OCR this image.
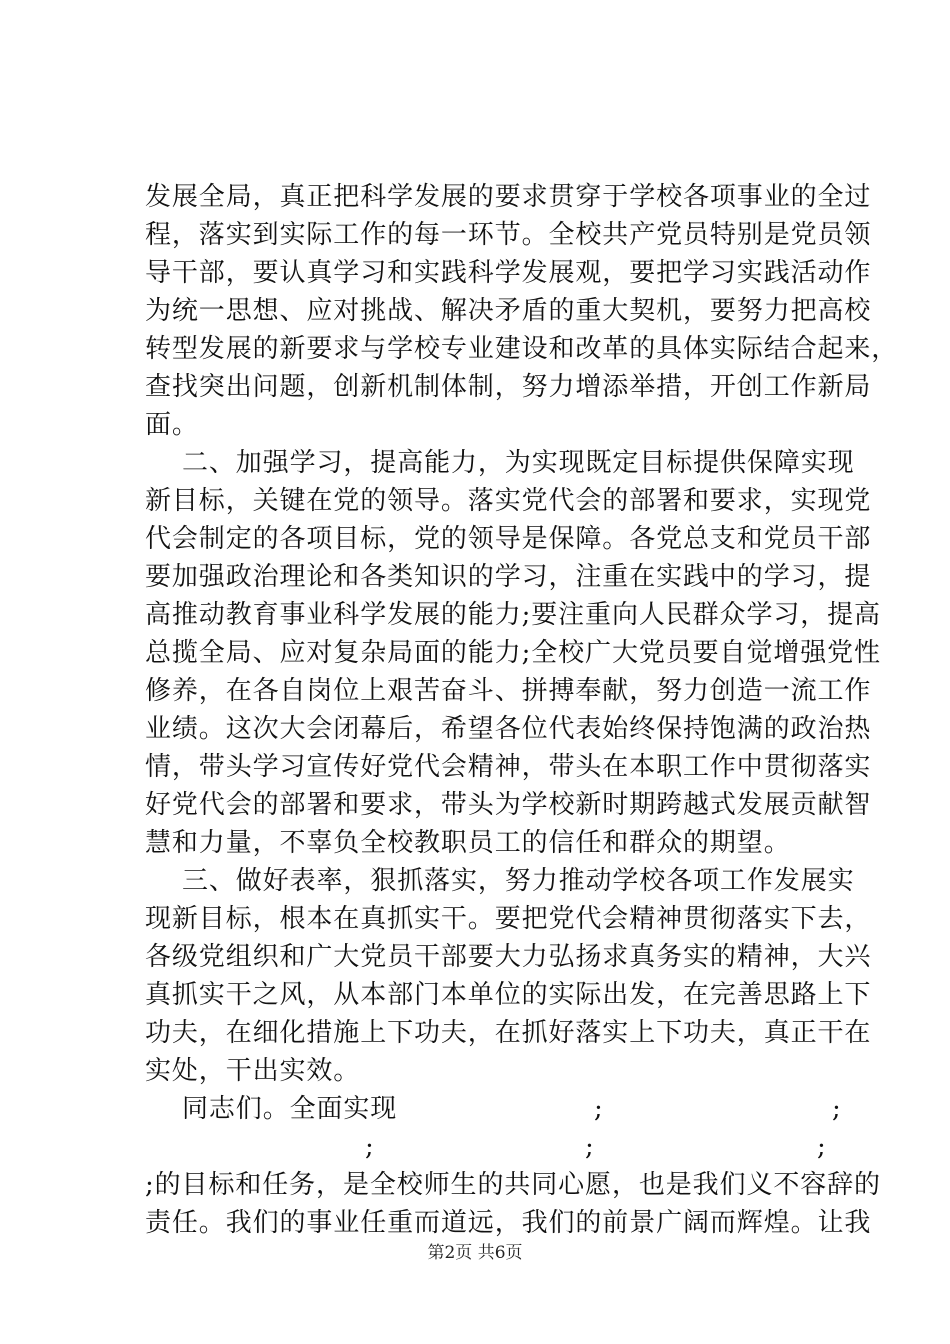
发展全局，真正把科学发展的要求贯穿于学校各项事业的全过
程，落实到实际工作的每一环节。全校共产党员特别是党员领
导干部，要认真学习和实践科学发展观，要把学习实践活动作
为统一思想、应对挑战、解决矛盾的重大契机，要努力把高校
转型发展的新要求与学校专业建设和改革的具体实际结合起来，
查找突出问题，创新机制体制，努力增添举措，开创工作新局
面。
二、加强学习，提高能力，为实现既定目标提供保障实现
新目标，关键在党的领导。落实党代会的部署和要求，实现党
代会制定的各项目标，党的领导是保障。各党总支和党员干部
要加强政治理论和各类知识的学习，注重在实践中的学习，提
高推动教育事业科学发展的能力;要注重向人民群众学习，提高
总揽全局、应对复杂局面的能力;全校广大党员要自觉增强党性
修养，在各自岗位上艰苦奋斗、拼搏奉献，努力创造一流工作
业绩。这次大会闭幕后，希望各位代表始终保持饱满的政治热
情，带头学习宣传好党代会精神，带头在本职工作中贯彻落实
好党代会的部署和要求，带头为学校新时期跨越式发展贡献智
慧和力量，不辜负全校教职员工的信任和群众的期望。
三、做好表率，狠抓落实，努力推动学校各项工作发展实
现新目标，根本在真抓实干。要把党代会精神贯彻落实下去，
各级党组织和广大党员干部要大力弘扬求真务实的精神，大兴
真抓实干之风，从本部门本单位的实际出发，在完善思路上下
功夫，在细化措施上下功夫，在抓好落实上下功夫，真正干在
实处，干出实效。
同志们。全面实现	;	;
;	;	;
;的目标和任务，是全校师生的共同心愿，也是我们义不容辞的
责任。我们的事业任重而道远，我们的前景广阔而辉煌。让我
第2页 共6页
